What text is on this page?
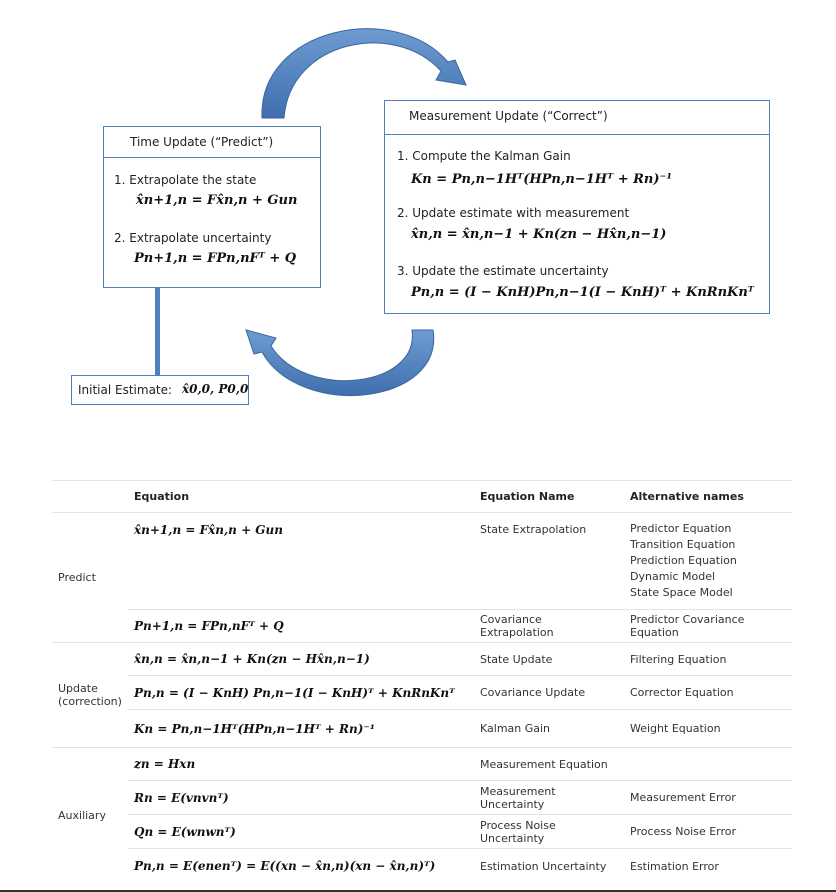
Time Update (“Predict”)
1. Extrapolate the state
x̂n+1,n = Fx̂n,n + Gun
2. Extrapolate uncertainty
Pn+1,n = FPn,nFᵀ + Q
Measurement Update (“Correct”)
1. Compute the Kalman Gain
Kn = Pn,n−1Hᵀ(HPn,n−1Hᵀ + Rn)⁻¹
2. Update estimate with measurement
x̂n,n = x̂n,n−1 + Kn(zn − Hx̂n,n−1)
3. Update the estimate uncertainty
Pn,n = (I − KnH)Pn,n−1(I − KnH)ᵀ + KnRnKnᵀ
Initial Estimate: x̂0,0, P0,0
	Equation	Equation Name	Alternative names
Predict	x̂n+1,n = Fx̂n,n + Gun	State Extrapolation	Predictor Equation
Transition Equation
Prediction Equation
Dynamic Model
State Space Model

	Pn+1,n = FPn,nFᵀ + Q	Covariance Extrapolation	Predictor Covariance Equation
Update (correction)	x̂n,n = x̂n,n−1 + Kn(zn − Hx̂n,n−1)	State Update	Filtering Equation
	Pn,n = (I − KnH) Pn,n−1(I − KnH)ᵀ + KnRnKnᵀ	Covariance Update	Corrector Equation
	Kn = Pn,n−1Hᵀ(HPn,n−1Hᵀ + Rn)⁻¹	Kalman Gain	Weight Equation
Auxiliary	zn = Hxn	Measurement Equation	
	Rn = E(vnvnᵀ)	Measurement Uncertainty	Measurement Error
	Qn = E(wnwnᵀ)	Process Noise Uncertainty	Process Noise Error
	Pn,n = E(enenᵀ) = E((xn − x̂n,n)(xn − x̂n,n)ᵀ)	Estimation Uncertainty	Estimation Error
